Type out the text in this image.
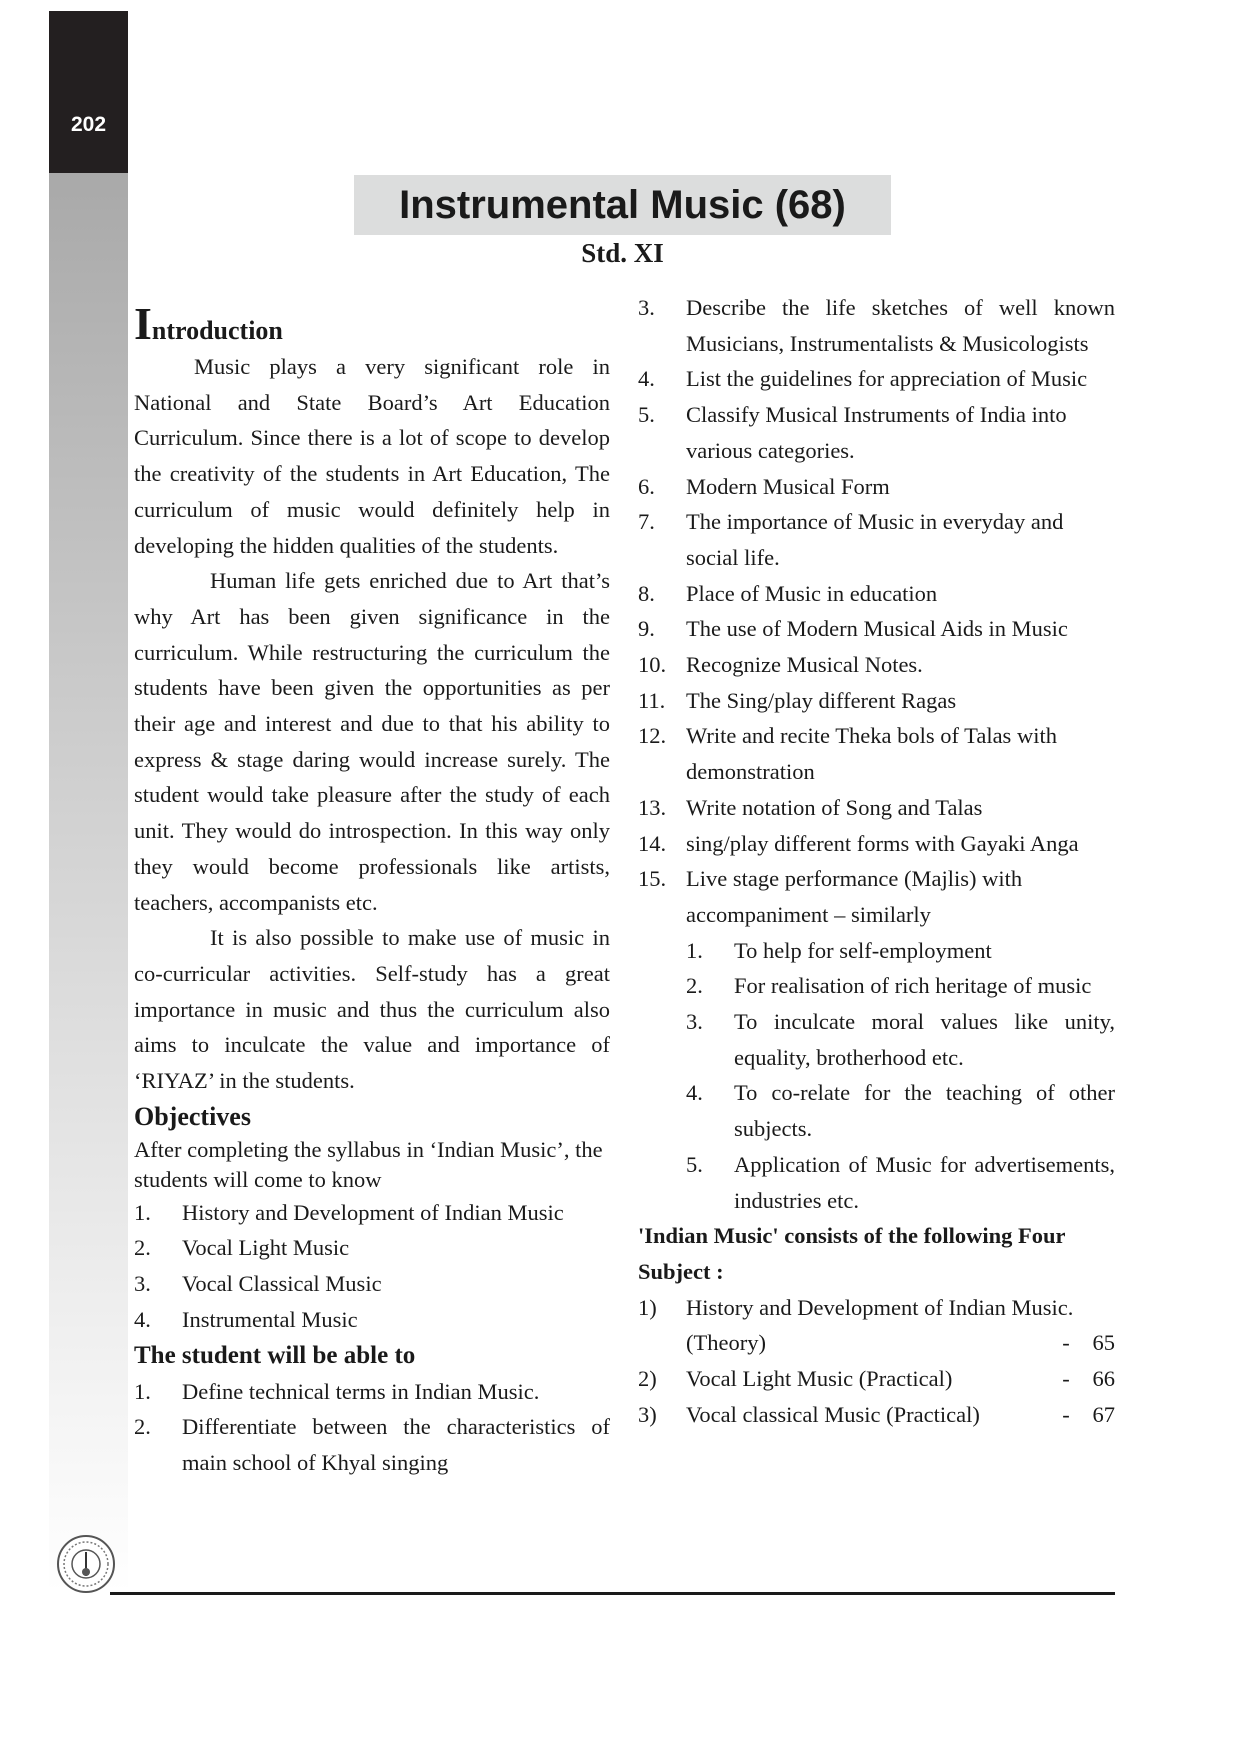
202
Instrumental Music (68)
Std. XI

Introduction

Music plays a very significant role in National and State Board’s Art Education Curriculum. Since there is a lot of scope to develop the creativity of the students in Art Education, The curriculum of music would definitely help in developing the hidden qualities of the students.

Human life gets enriched due to Art that’s why Art has been given significance in the curriculum. While restructuring the curriculum the students have been given the opportunities as per their age and interest and due to that his ability to express & stage daring would increase surely. The student would take pleasure after the study of each unit. They would do introspection. In this way only they would become professionals like artists, teachers, accompanists etc.

It is also possible to make use of music in co-curricular activities. Self-study has a great importance in music and thus the curriculum also aims to inculcate the value and importance of ‘RIYAZ’ in the students.

Objectives

After completing the syllabus in ‘Indian Music’, the students will come to know

1.	History and Development of Indian Music
2.	Vocal Light Music
3.	Vocal Classical Music
4.	Instrumental Music

The student will be able to

1.	Define technical terms in Indian Music.
2.	Differentiate between the characteristics of main school of Khyal singing
3.	Describe the life sketches of well known Musicians, Instrumentalists & Musicologists
4.	List the guidelines for appreciation of Music
5.	Classify Musical Instruments of India into various categories.
6.	Modern Musical Form
7.	The importance of Music in everyday and social life.
8.	Place of Music in education
9.	The use of Modern Musical Aids in Music
10. Recognize Musical Notes.
11. The Sing/play different Ragas
12. Write and recite Theka bols of Talas with demonstration
13. Write notation of Song and Talas
14. sing/play different forms with Gayaki Anga
15. Live stage performance (Majlis) with accompaniment – similarly
1.	To help for self-employment
2.	For realisation of rich heritage of music
3.	To inculcate moral values like unity, equality, brotherhood etc.
4.	To co-relate for the teaching of other subjects.
5.	Application of Music for advertisements, industries etc.

'Indian Music' consists of the following Four Subject :

1)	History and Development of Indian Music.
(Theory)	-	65
2)	Vocal Light Music (Practical)	-	66
3)	Vocal classical Music (Practical)	-	67
